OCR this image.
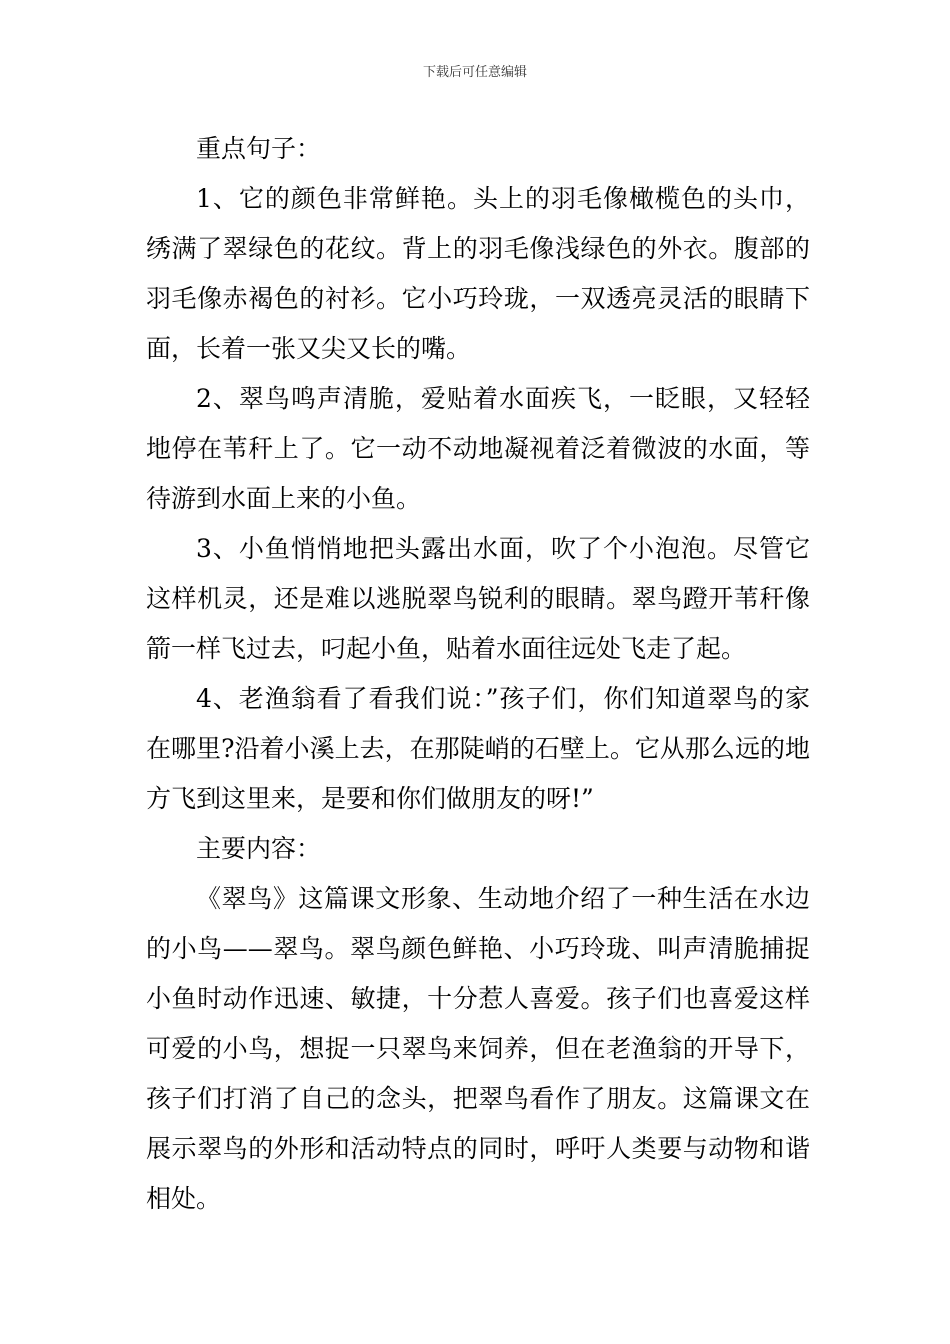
下载后可任意编辑

重点句子：

1、它的颜色非常鲜艳。头上的羽毛像橄榄色的头巾，绣满了翠绿色的花纹。背上的羽毛像浅绿色的外衣。腹部的羽毛像赤褐色的衬衫。它小巧玲珑，一双透亮灵活的眼睛下面，长着一张又尖又长的嘴。

2、翠鸟鸣声清脆，爱贴着水面疾飞，一眨眼，又轻轻地停在苇秆上了。它一动不动地凝视着泛着微波的水面，等待游到水面上来的小鱼。

3、小鱼悄悄地把头露出水面，吹了个小泡泡。尽管它这样机灵，还是难以逃脱翠鸟锐利的眼睛。翠鸟蹬开苇秆像箭一样飞过去，叼起小鱼，贴着水面往远处飞走了起。

4、老渔翁看了看我们说：”孩子们，你们知道翠鸟的家在哪里?沿着小溪上去，在那陡峭的石壁上。它从那么远的地方飞到这里来，是要和你们做朋友的呀!”

主要内容：

《翠鸟》这篇课文形象、生动地介绍了一种生活在水边的小鸟——翠鸟。翠鸟颜色鲜艳、小巧玲珑、叫声清脆捕捉小鱼时动作迅速、敏捷，十分惹人喜爱。孩子们也喜爱这样可爱的小鸟，想捉一只翠鸟来饲养，但在老渔翁的开导下，孩子们打消了自己的念头，把翠鸟看作了朋友。这篇课文在展示翠鸟的外形和活动特点的同时，呼吁人类要与动物和谐相处。
